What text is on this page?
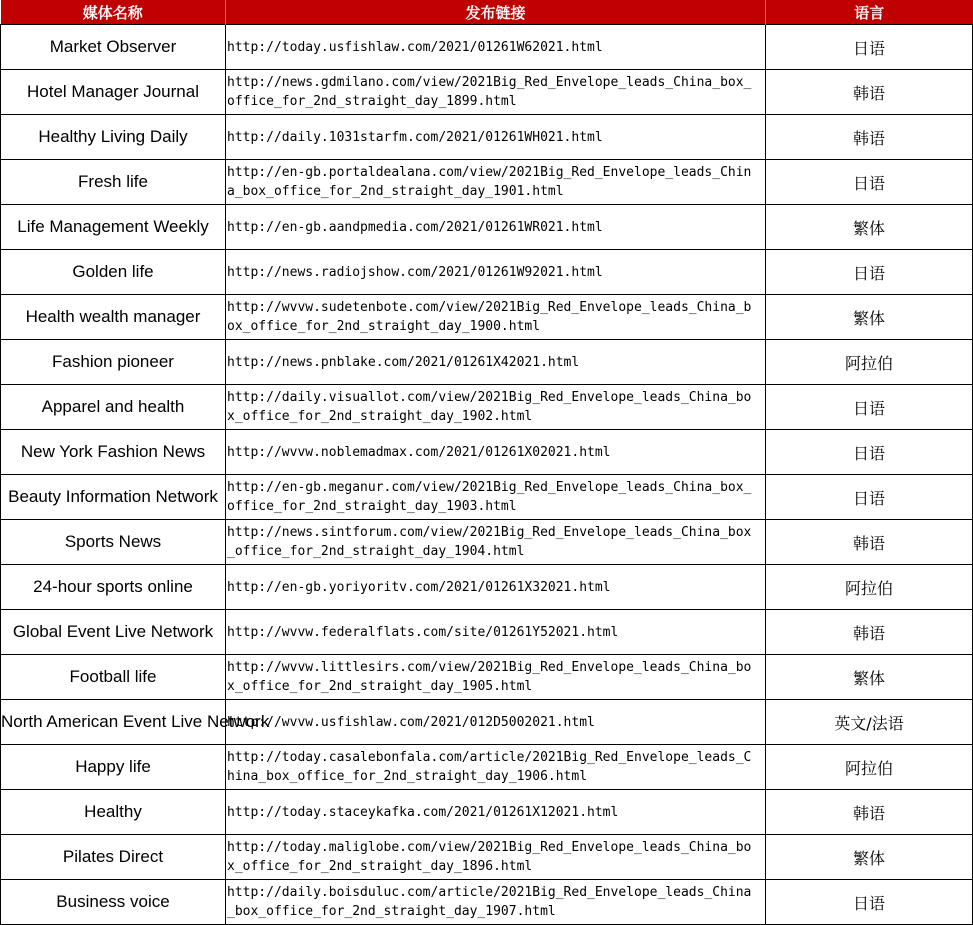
媒体名称	发布链接	语言
Market Observer	http://today.usfishlaw.com/2021/01261W62021.html	日语
Hotel Manager Journal	http://news.gdmilano.com/view/2021Big_Red_Envelope_leads_China_box_office_for_2nd_straight_day_1899.html	韩语
Healthy Living Daily	http://daily.1031starfm.com/2021/01261WH021.html	韩语
Fresh life	http://en-gb.portaldealana.com/view/2021Big_Red_Envelope_leads_China_box_office_for_2nd_straight_day_1901.html	日语
Life Management Weekly	http://en-gb.aandpmedia.com/2021/01261WR021.html	繁体
Golden life	http://news.radiojshow.com/2021/01261W92021.html	日语
Health wealth manager	http://wvvw.sudetenbote.com/view/2021Big_Red_Envelope_leads_China_box_office_for_2nd_straight_day_1900.html	繁体
Fashion pioneer	http://news.pnblake.com/2021/01261X42021.html	阿拉伯
Apparel and health	http://daily.visuallot.com/view/2021Big_Red_Envelope_leads_China_box_office_for_2nd_straight_day_1902.html	日语
New York Fashion News	http://wvvw.noblemadmax.com/2021/01261X02021.html	日语
Beauty Information Network	http://en-gb.meganur.com/view/2021Big_Red_Envelope_leads_China_box_office_for_2nd_straight_day_1903.html	日语
Sports News	http://news.sintforum.com/view/2021Big_Red_Envelope_leads_China_box_office_for_2nd_straight_day_1904.html	韩语
24-hour sports online	http://en-gb.yoriyoritv.com/2021/01261X32021.html	阿拉伯
Global Event Live Network	http://wvvw.federalflats.com/site/01261Y52021.html	韩语
Football life	http://wvvw.littlesirs.com/view/2021Big_Red_Envelope_leads_China_box_office_for_2nd_straight_day_1905.html	繁体
North American Event Live Network	http://wvvw.usfishlaw.com/2021/012D5002021.html	英文/法语
Happy life	http://today.casalebonfala.com/article/2021Big_Red_Envelope_leads_China_box_office_for_2nd_straight_day_1906.html	阿拉伯
Healthy	http://today.staceykafka.com/2021/01261X12021.html	韩语
Pilates Direct	http://today.maliglobe.com/view/2021Big_Red_Envelope_leads_China_box_office_for_2nd_straight_day_1896.html	繁体
Business voice	http://daily.boisduluc.com/article/2021Big_Red_Envelope_leads_China_box_office_for_2nd_straight_day_1907.html	日语
